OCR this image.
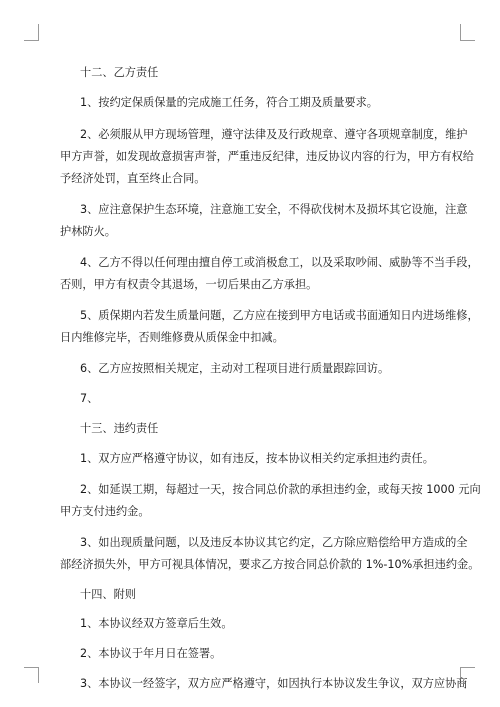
十二、乙方责任
1、按约定保质保量的完成施工任务，符合工期及质量要求。
2、必须服从甲方现场管理，遵守法律及及行政规章、遵守各项规章制度，维护
甲方声誉，如发现故意损害声誉，严重违反纪律，违反协议内容的行为，甲方有权给
予经济处罚，直至终止合同。
3、应注意保护生态环境，注意施工安全，不得砍伐树木及损坏其它设施，注意
护林防火。
4、乙方不得以任何理由擅自停工或消极怠工，以及采取吵闹、威胁等不当手段，
否则，甲方有权责令其退场，一切后果由乙方承担。
5、质保期内若发生质量问题，乙方应在接到甲方电话或书面通知日内进场维修，
日内维修完毕，否则维修费从质保金中扣减。
6、乙方应按照相关规定，主动对工程项目进行质量跟踪回访。
7、
十三、违约责任
1、双方应严格遵守协议，如有违反，按本协议相关约定承担违约责任。
2、如延误工期，每超过一天，按合同总价款的承担违约金，或每天按 1000 元向
甲方支付违约金。
3、如出现质量问题，以及违反本协议其它约定，乙方除应赔偿给甲方造成的全
部经济损失外，甲方可视具体情况，要求乙方按合同总价款的 1%-10%承担违约金。
十四、附则
1、本协议经双方签章后生效。
2、本协议于年月日在签署。
3、本协议一经签字，双方应严格遵守，如因执行本协议发生争议，双方应协商
